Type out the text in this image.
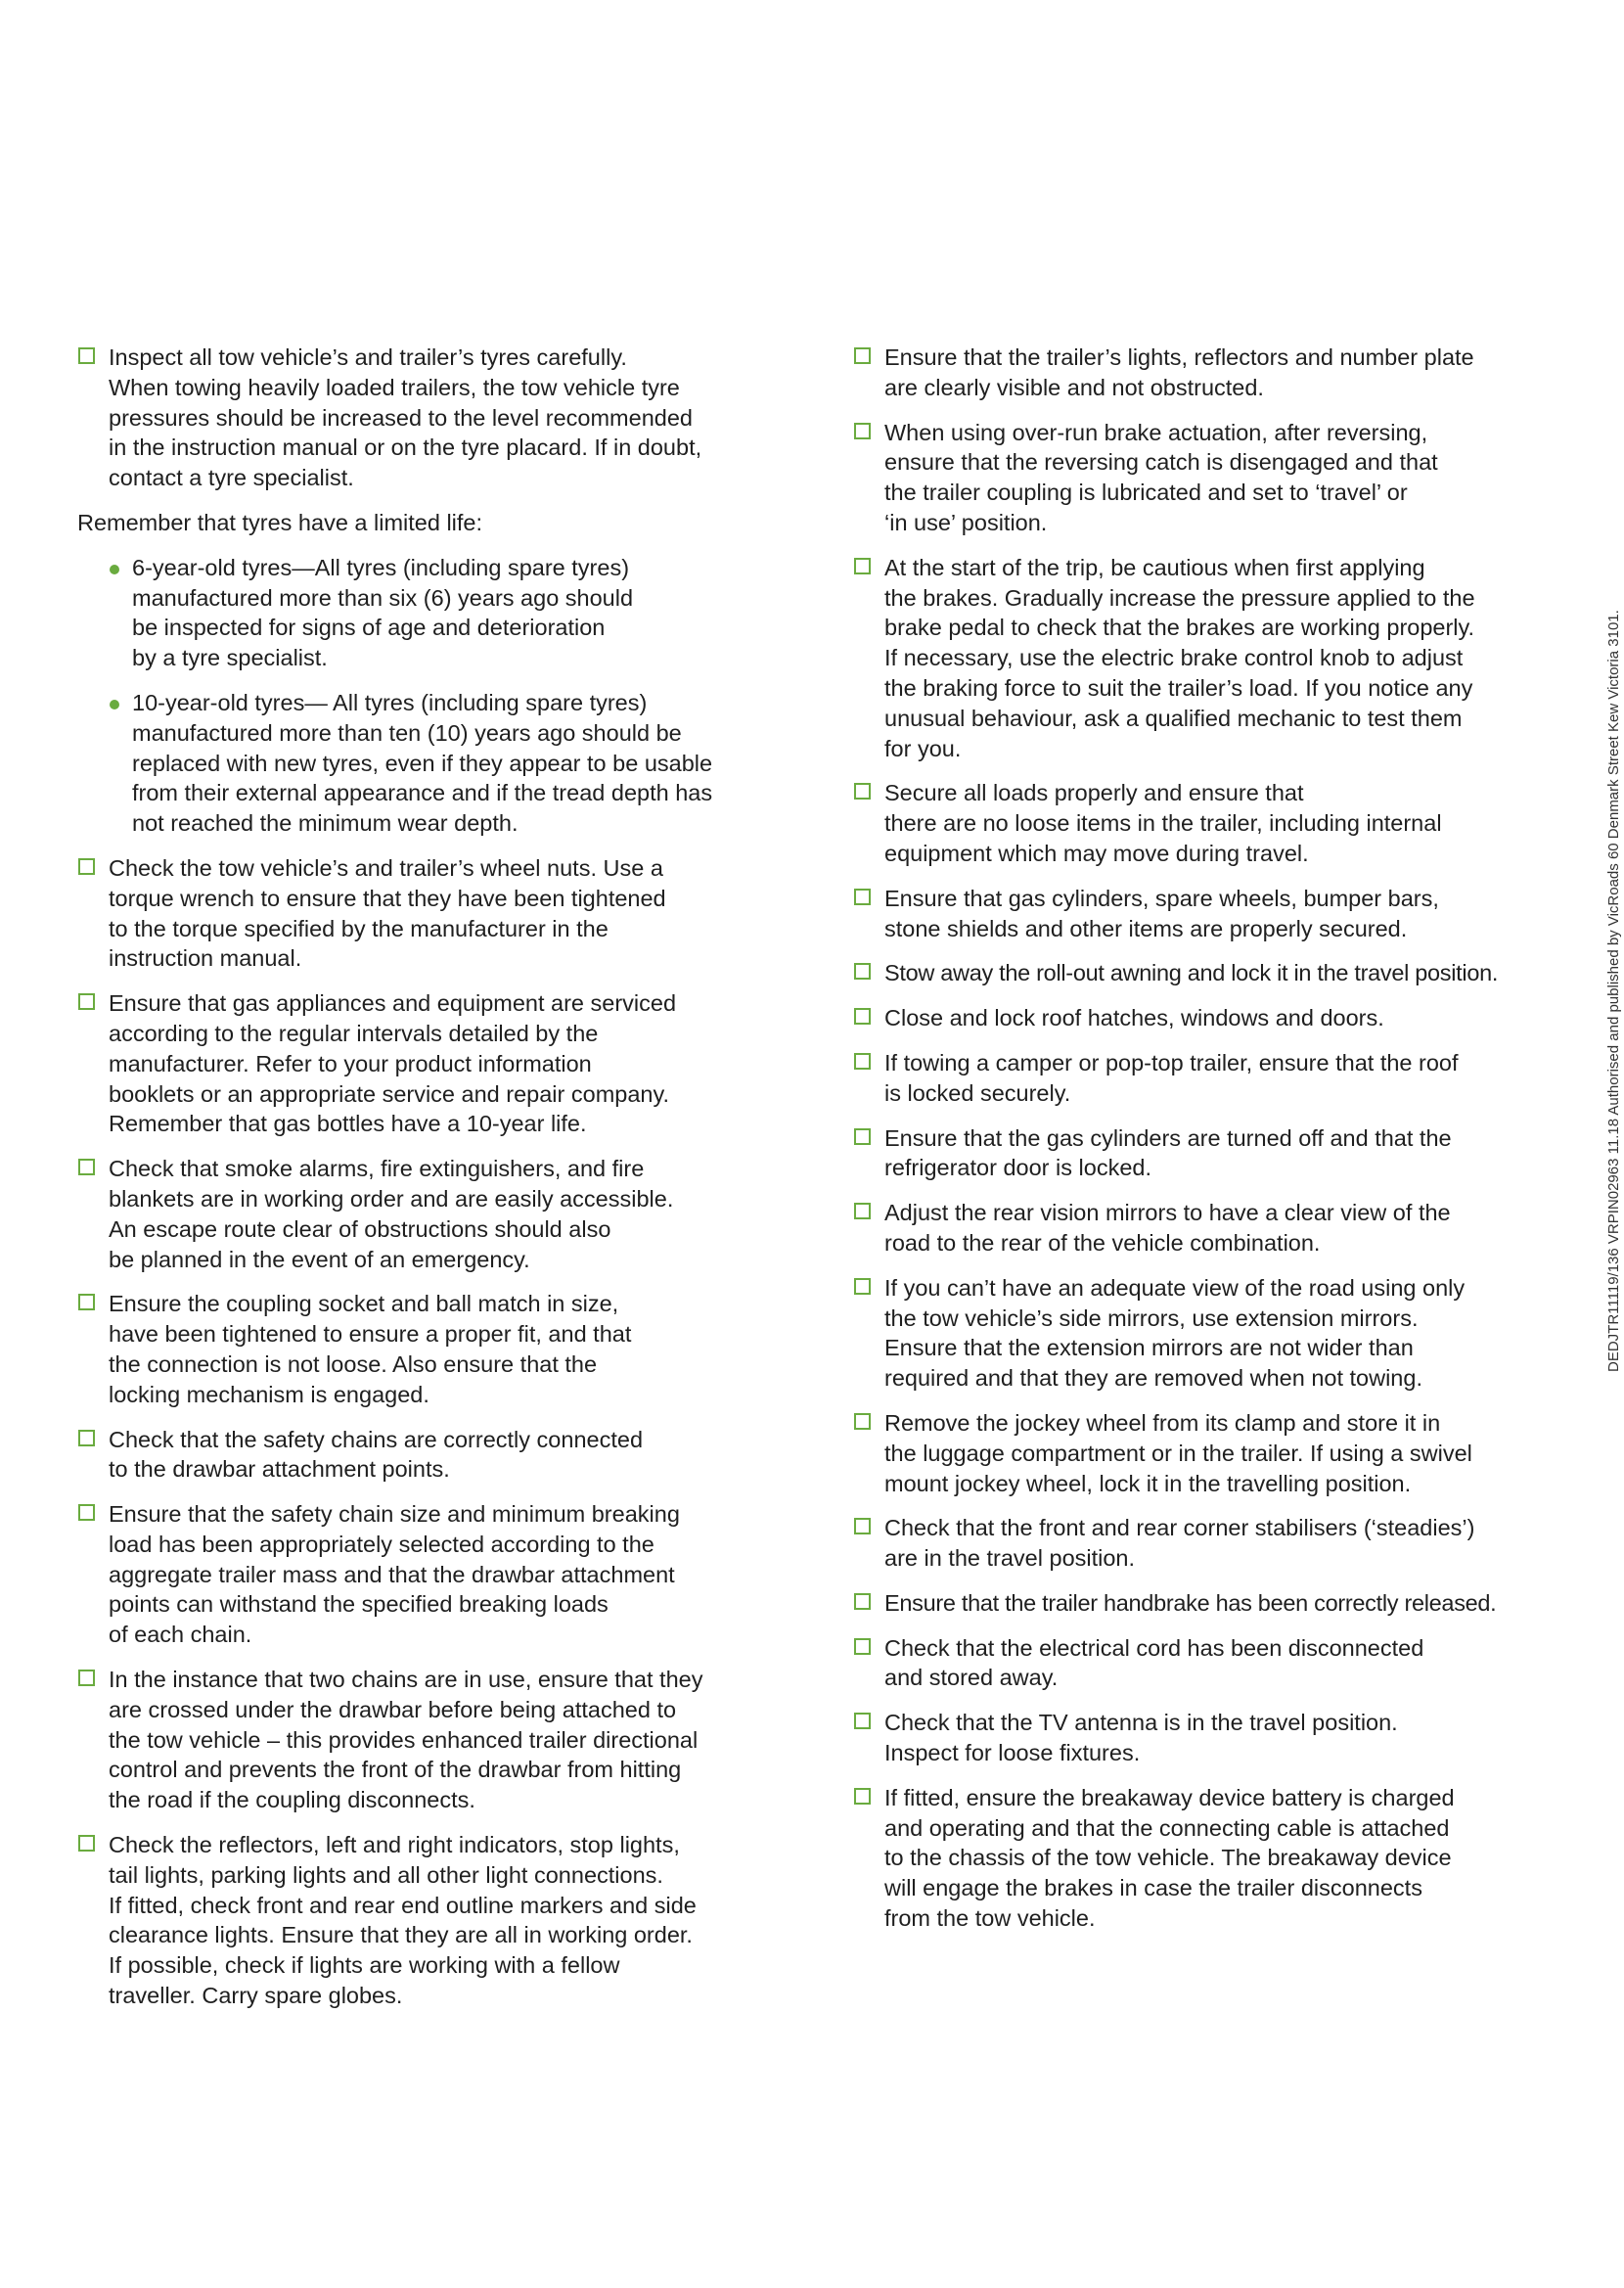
Inspect all tow vehicle’s and trailer’s tyres carefully.
When towing heavily loaded trailers, the tow vehicle tyre
pressures should be increased to the level recommended
in the instruction manual or on the tyre placard. If in doubt,
contact a tyre specialist.
Remember that tyres have a limited life:
6-year-old tyres—All tyres (including spare tyres)
manufactured more than six (6) years ago should
be inspected for signs of age and deterioration
by a tyre specialist.
10-year-old tyres— All tyres (including spare tyres)
manufactured more than ten (10) years ago should be
replaced with new tyres, even if they appear to be usable
from their external appearance and if the tread depth has
not reached the minimum wear depth.
Check the tow vehicle’s and trailer’s wheel nuts. Use a
torque wrench to ensure that they have been tightened
to the torque specified by the manufacturer in the
instruction manual.
Ensure that gas appliances and equipment are serviced
according to the regular intervals detailed by the
manufacturer. Refer to your product information
booklets or an appropriate service and repair company.
Remember that gas bottles have a 10-year life.
Check that smoke alarms, fire extinguishers, and fire
blankets are in working order and are easily accessible.
An escape route clear of obstructions should also
be planned in the event of an emergency.
Ensure the coupling socket and ball match in size,
have been tightened to ensure a proper fit, and that
the connection is not loose. Also ensure that the
locking mechanism is engaged.
Check that the safety chains are correctly connected
to the drawbar attachment points.
Ensure that the safety chain size and minimum breaking
load has been appropriately selected according to the
aggregate trailer mass and that the drawbar attachment
points can withstand the specified breaking loads
of each chain.
In the instance that two chains are in use, ensure that they
are crossed under the drawbar before being attached to
the tow vehicle – this provides enhanced trailer directional
control and prevents the front of the drawbar from hitting
the road if the coupling disconnects.
Check the reflectors, left and right indicators, stop lights,
tail lights, parking lights and all other light connections.
If fitted, check front and rear end outline markers and side
clearance lights. Ensure that they are all in working order.
If possible, check if lights are working with a fellow
traveller. Carry spare globes.
Ensure that the trailer’s lights, reflectors and number plate
are clearly visible and not obstructed.
When using over-run brake actuation, after reversing,
ensure that the reversing catch is disengaged and that
the trailer coupling is lubricated and set to ‘travel’ or
‘in use’ position.
At the start of the trip, be cautious when first applying
the brakes. Gradually increase the pressure applied to the
brake pedal to check that the brakes are working properly.
If necessary, use the electric brake control knob to adjust
the braking force to suit the trailer’s load. If you notice any
unusual behaviour, ask a qualified mechanic to test them
for you.
Secure all loads properly and ensure that
there are no loose items in the trailer, including internal
equipment which may move during travel.
Ensure that gas cylinders, spare wheels, bumper bars,
stone shields and other items are properly secured.
Stow away the roll-out awning and lock it in the travel position.
Close and lock roof hatches, windows and doors.
If towing a camper or pop-top trailer, ensure that the roof
is locked securely.
Ensure that the gas cylinders are turned off and that the
refrigerator door is locked.
Adjust the rear vision mirrors to have a clear view of the
road to the rear of the vehicle combination.
If you can’t have an adequate view of the road using only
the tow vehicle’s side mirrors, use extension mirrors.
Ensure that the extension mirrors are not wider than
required and that they are removed when not towing.
Remove the jockey wheel from its clamp and store it in
the luggage compartment or in the trailer. If using a swivel
mount jockey wheel, lock it in the travelling position.
Check that the front and rear corner stabilisers (‘steadies’)
are in the travel position.
Ensure that the trailer handbrake has been correctly released.
Check that the electrical cord has been disconnected
and stored away.
Check that the TV antenna is in the travel position.
Inspect for loose fixtures.
If fitted, ensure the breakaway device battery is charged
and operating and that the connecting cable is attached
to the chassis of the tow vehicle. The breakaway device
will engage the brakes in case the trailer disconnects
from the tow vehicle.
DEDJTR11119/136 VRPIN02963 11.18 Authorised and published by VicRoads 60 Denmark Street Kew Victoria 3101.
